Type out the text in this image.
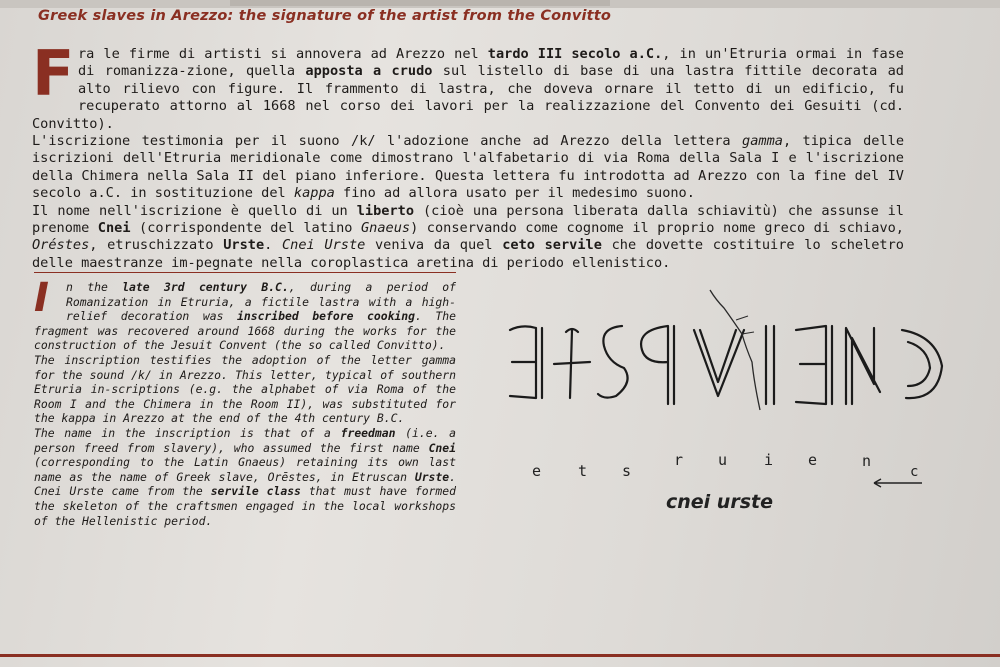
Greek slaves in Arezzo: the signature of the artist from the Convitto
F ra le firme di artisti si annovera ad Arezzo nel tardo III secolo a.C., in un'Etruria ormai in fase di romanizza-zione, quella apposta a crudo sul listello di base di una lastra fittile decorata ad alto rilievo con figure. Il frammento di lastra, che doveva ornare il tetto di un edificio, fu recuperato attorno al 1668 nel corso dei lavori per la realizzazione del Convento dei Gesuiti (cd. Convitto).
L'iscrizione testimonia per il suono /k/ l'adozione anche ad Arezzo della lettera gamma, tipica delle iscrizioni dell'Etruria meridionale come dimostrano l'alfabetario di via Roma della Sala I e l'iscrizione della Chimera nella Sala II del piano inferiore. Questa lettera fu introdotta ad Arezzo con la fine del IV secolo a.C. in sostituzione del kappa fino ad allora usato per il medesimo suono.
Il nome nell'iscrizione è quello di un liberto (cioè una persona liberata dalla schiavitù) che assunse il prenome Cnei (corrispondente del latino Gnaeus) conservando come cognome il proprio nome greco di schiavo, Oréstes, etruschizzato Urste. Cnei Urste veniva da quel ceto servile che dovette costituire lo scheletro delle maestranze im-pegnate nella coroplastica aretina di periodo ellenistico.
I	n the late 3rd century B.C., during a period of Romanization in Etruria, a fictile lastra with a high-relief decoration was inscribed before cooking. The fragment was recovered around 1668 during the works for the construction of the Jesuit Convent (the so called Convitto).
The inscription testifies the adoption of the letter gamma for the sound /k/ in Arezzo. This letter, typical of southern Etruria in-scriptions (e.g. the alphabet of via Roma of the Room I and the Chimera in the Room II), was substituted for the kappa in Arezzo at the end of the 4th century B.C.
The name in the inscription is that of a freedman (i.e. a person freed from slavery), who assumed the first name Cnei (corresponding to the Latin Gnaeus) retaining its own last name as the name of Greek slave, Orēstes, in Etruscan Urste. Cnei Urste came from the servile class that must have formed the skeleton of the craftsmen engaged in the local workshops of the Hellenistic period.
e t s
r u i e	n
c
cnei urste
